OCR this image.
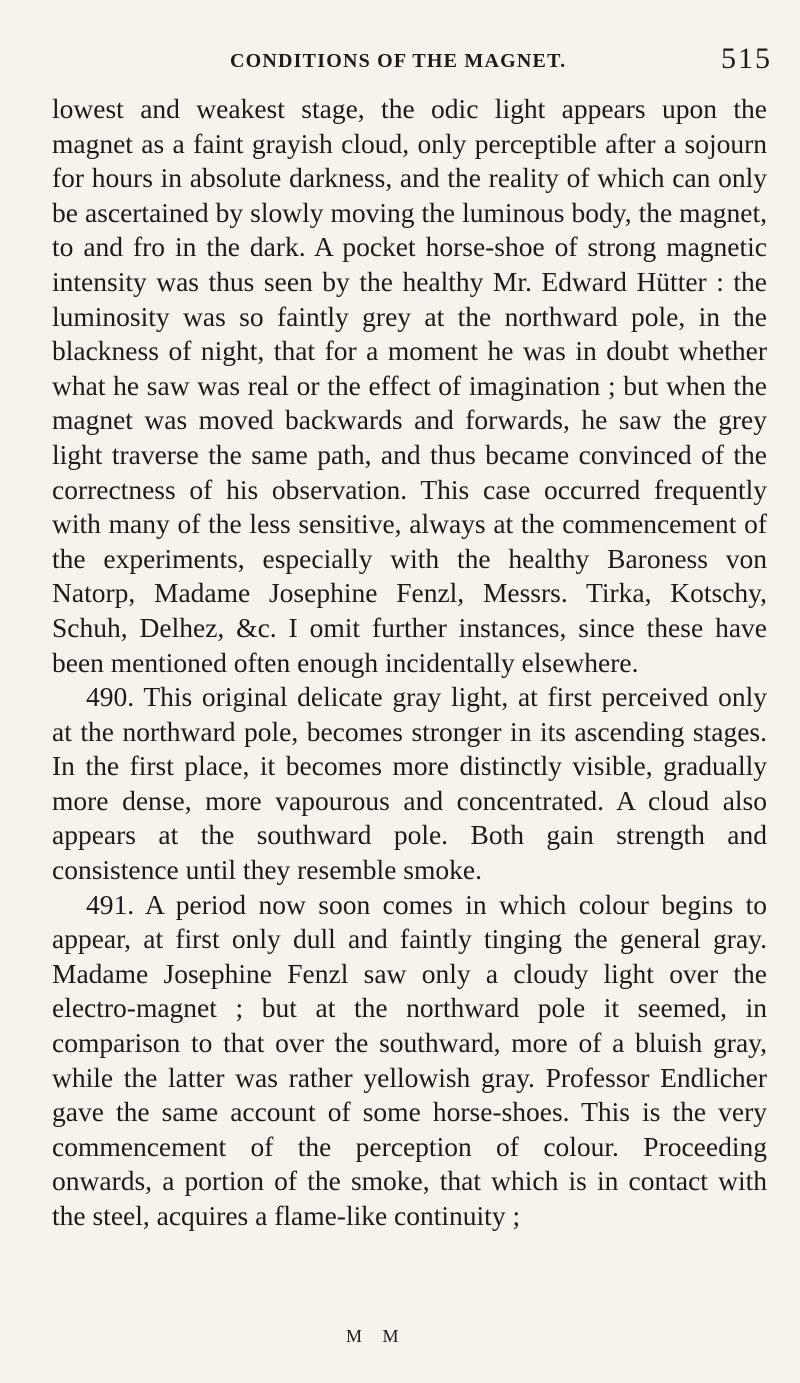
CONDITIONS OF THE MAGNET.	515

lowest and weakest stage, the odic light appears upon the magnet as a faint grayish cloud, only perceptible after a sojourn for hours in absolute darkness, and the reality of which can only be ascertained by slowly moving the luminous body, the magnet, to and fro in the dark. A pocket horse-shoe of strong magnetic intensity was thus seen by the healthy Mr. Edward Hütter : the luminosity was so faintly grey at the northward pole, in the blackness of night, that for a moment he was in doubt whether what he saw was real or the effect of imagination ; but when the magnet was moved backwards and forwards, he saw the grey light traverse the same path, and thus became convinced of the correctness of his observation. This case occurred frequently with many of the less sensitive, always at the commencement of the experiments, especially with the healthy Baroness von Natorp, Madame Josephine Fenzl, Messrs. Tirka, Kotschy, Schuh, Delhez, &c. I omit further instances, since these have been mentioned often enough incidentally elsewhere.

490. This original delicate gray light, at first perceived only at the northward pole, becomes stronger in its ascending stages. In the first place, it becomes more distinctly visible, gradually more dense, more vapourous and concentrated. A cloud also appears at the southward pole. Both gain strength and consistence until they resemble smoke.

491. A period now soon comes in which colour begins to appear, at first only dull and faintly tinging the general gray. Madame Josephine Fenzl saw only a cloudy light over the electro-magnet ; but at the northward pole it seemed, in comparison to that over the southward, more of a bluish gray, while the latter was rather yellowish gray. Professor Endlicher gave the same account of some horse-shoes. This is the very commencement of the perception of colour. Proceeding onwards, a portion of the smoke, that which is in contact with the steel, acquires a flame-like continuity ;

M M
